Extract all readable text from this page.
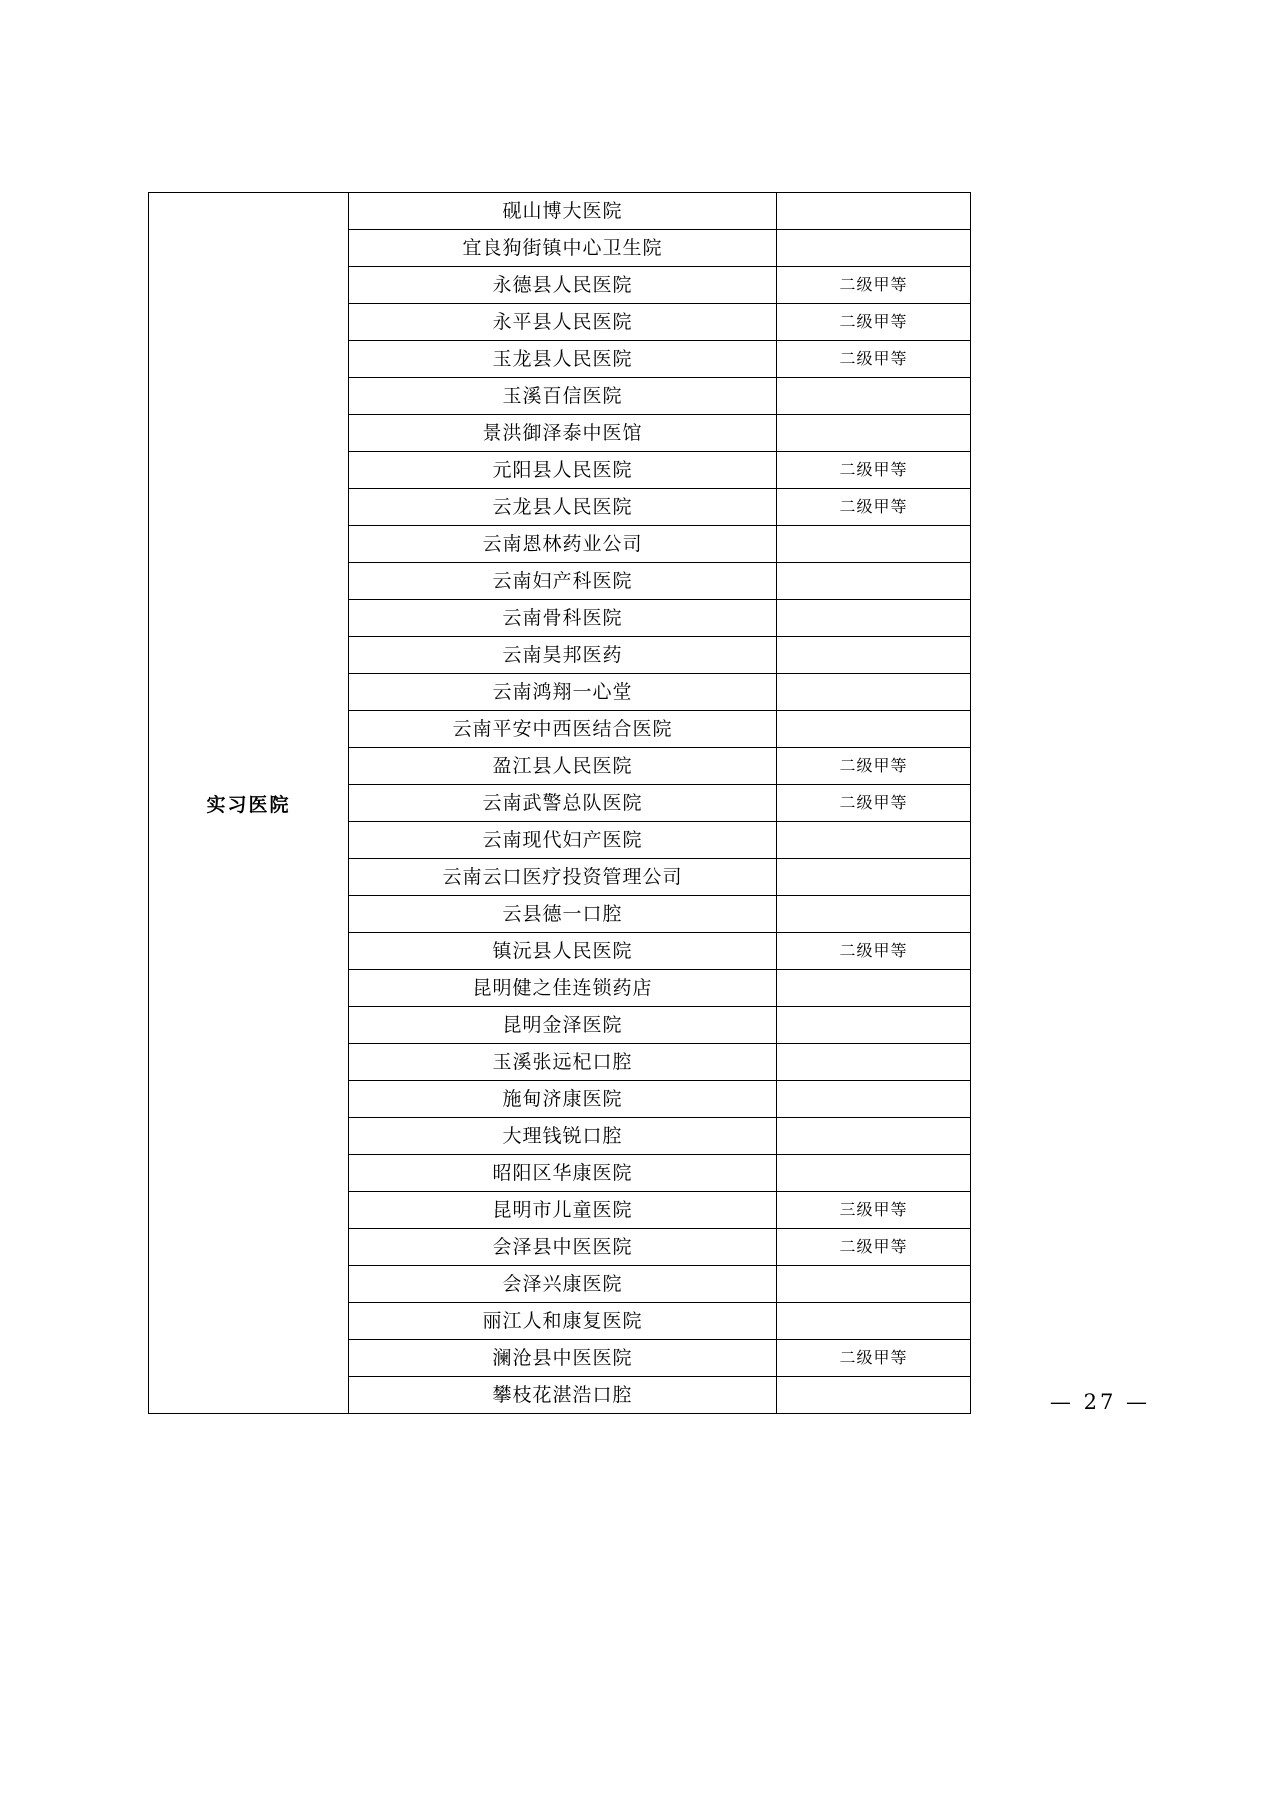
实习医院	砚山博大医院	
	宜良狗街镇中心卫生院	
	永德县人民医院	二级甲等
	永平县人民医院	二级甲等
	玉龙县人民医院	二级甲等
	玉溪百信医院	
	景洪御泽泰中医馆	
	元阳县人民医院	二级甲等
	云龙县人民医院	二级甲等
	云南恩林药业公司	
	云南妇产科医院	
	云南骨科医院	
	云南昊邦医药	
	云南鸿翔一心堂	
	云南平安中西医结合医院	
	盈江县人民医院	二级甲等
	云南武警总队医院	二级甲等
	云南现代妇产医院	
	云南云口医疗投资管理公司	
	云县德一口腔	
	镇沅县人民医院	二级甲等
	昆明健之佳连锁药店	
	昆明金泽医院	
	玉溪张远杞口腔	
	施甸济康医院	
	大理钱锐口腔	
	昭阳区华康医院	
	昆明市儿童医院	三级甲等
	会泽县中医医院	二级甲等
	会泽兴康医院	
	丽江人和康复医院	
	澜沧县中医医院	二级甲等
	攀枝花湛浩口腔		— 27 —
